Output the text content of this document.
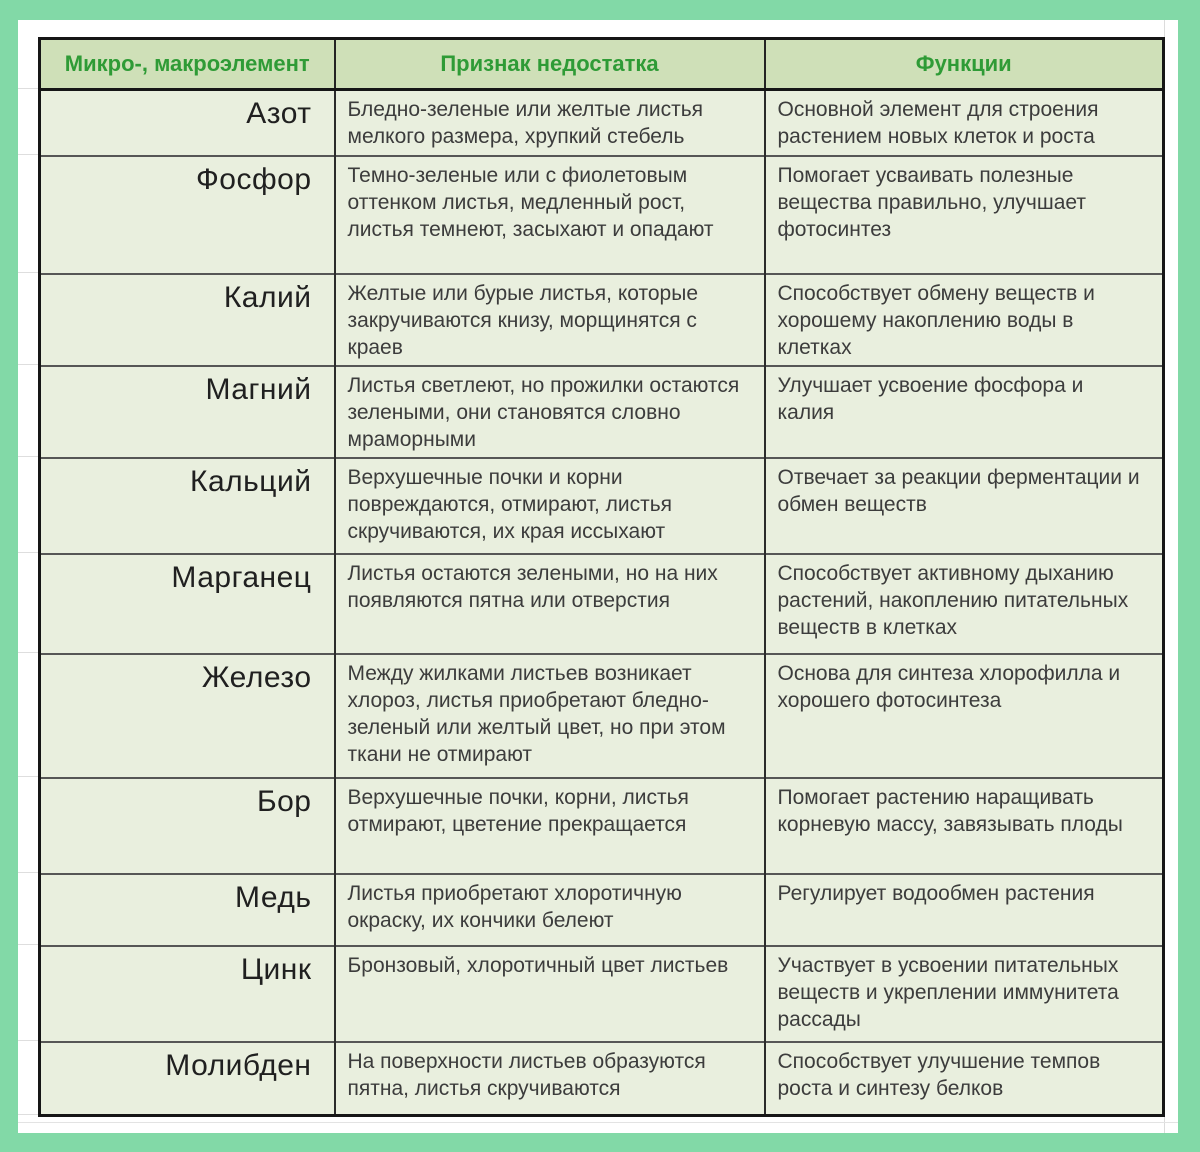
Микро-, макроэлемент	Признак недостатка	Функции
Азот	Бледно-зеленые или желтые листья мелкого размера, хрупкий стебель	Основной элемент для строения растением новых клеток и роста
Фосфор	Темно-зеленые или с фиолетовым оттенком листья, медленный рост, листья темнеют, засыхают и опадают	Помогает усваивать полезные вещества правильно, улучшает фотосинтез
Калий	Желтые или бурые листья, которые закручиваются книзу, морщинятся с краев	Способствует обмену веществ и хорошему накоплению воды в клетках
Магний	Листья светлеют, но прожилки остаются зелеными, они становятся словно мраморными	Улучшает усвоение фосфора и калия
Кальций	Верхушечные почки и корни повреждаются, отмирают, листья скручиваются, их края иссыхают	Отвечает за реакции ферментации и обмен веществ
Марганец	Листья остаются зелеными, но на них появляются пятна или отверстия	Способствует активному дыханию растений, накоплению питательных веществ в клетках
Железо	Между жилками листьев возникает хлороз, листья приобретают бледно-зеленый или желтый цвет, но при этом ткани не отмирают	Основа для синтеза хлорофилла и хорошего фотосинтеза
Бор	Верхушечные почки, корни, листья отмирают, цветение прекращается	Помогает растению наращивать корневую массу, завязывать плоды
Медь	Листья приобретают хлоротичную окраску, их кончики белеют	Регулирует водообмен растения
Цинк	Бронзовый, хлоротичный цвет листьев	Участвует в усвоении питательных веществ и укреплении иммунитета рассады
Молибден	На поверхности листьев образуются пятна, листья скручиваются	Способствует улучшение темпов роста и синтезу белков
